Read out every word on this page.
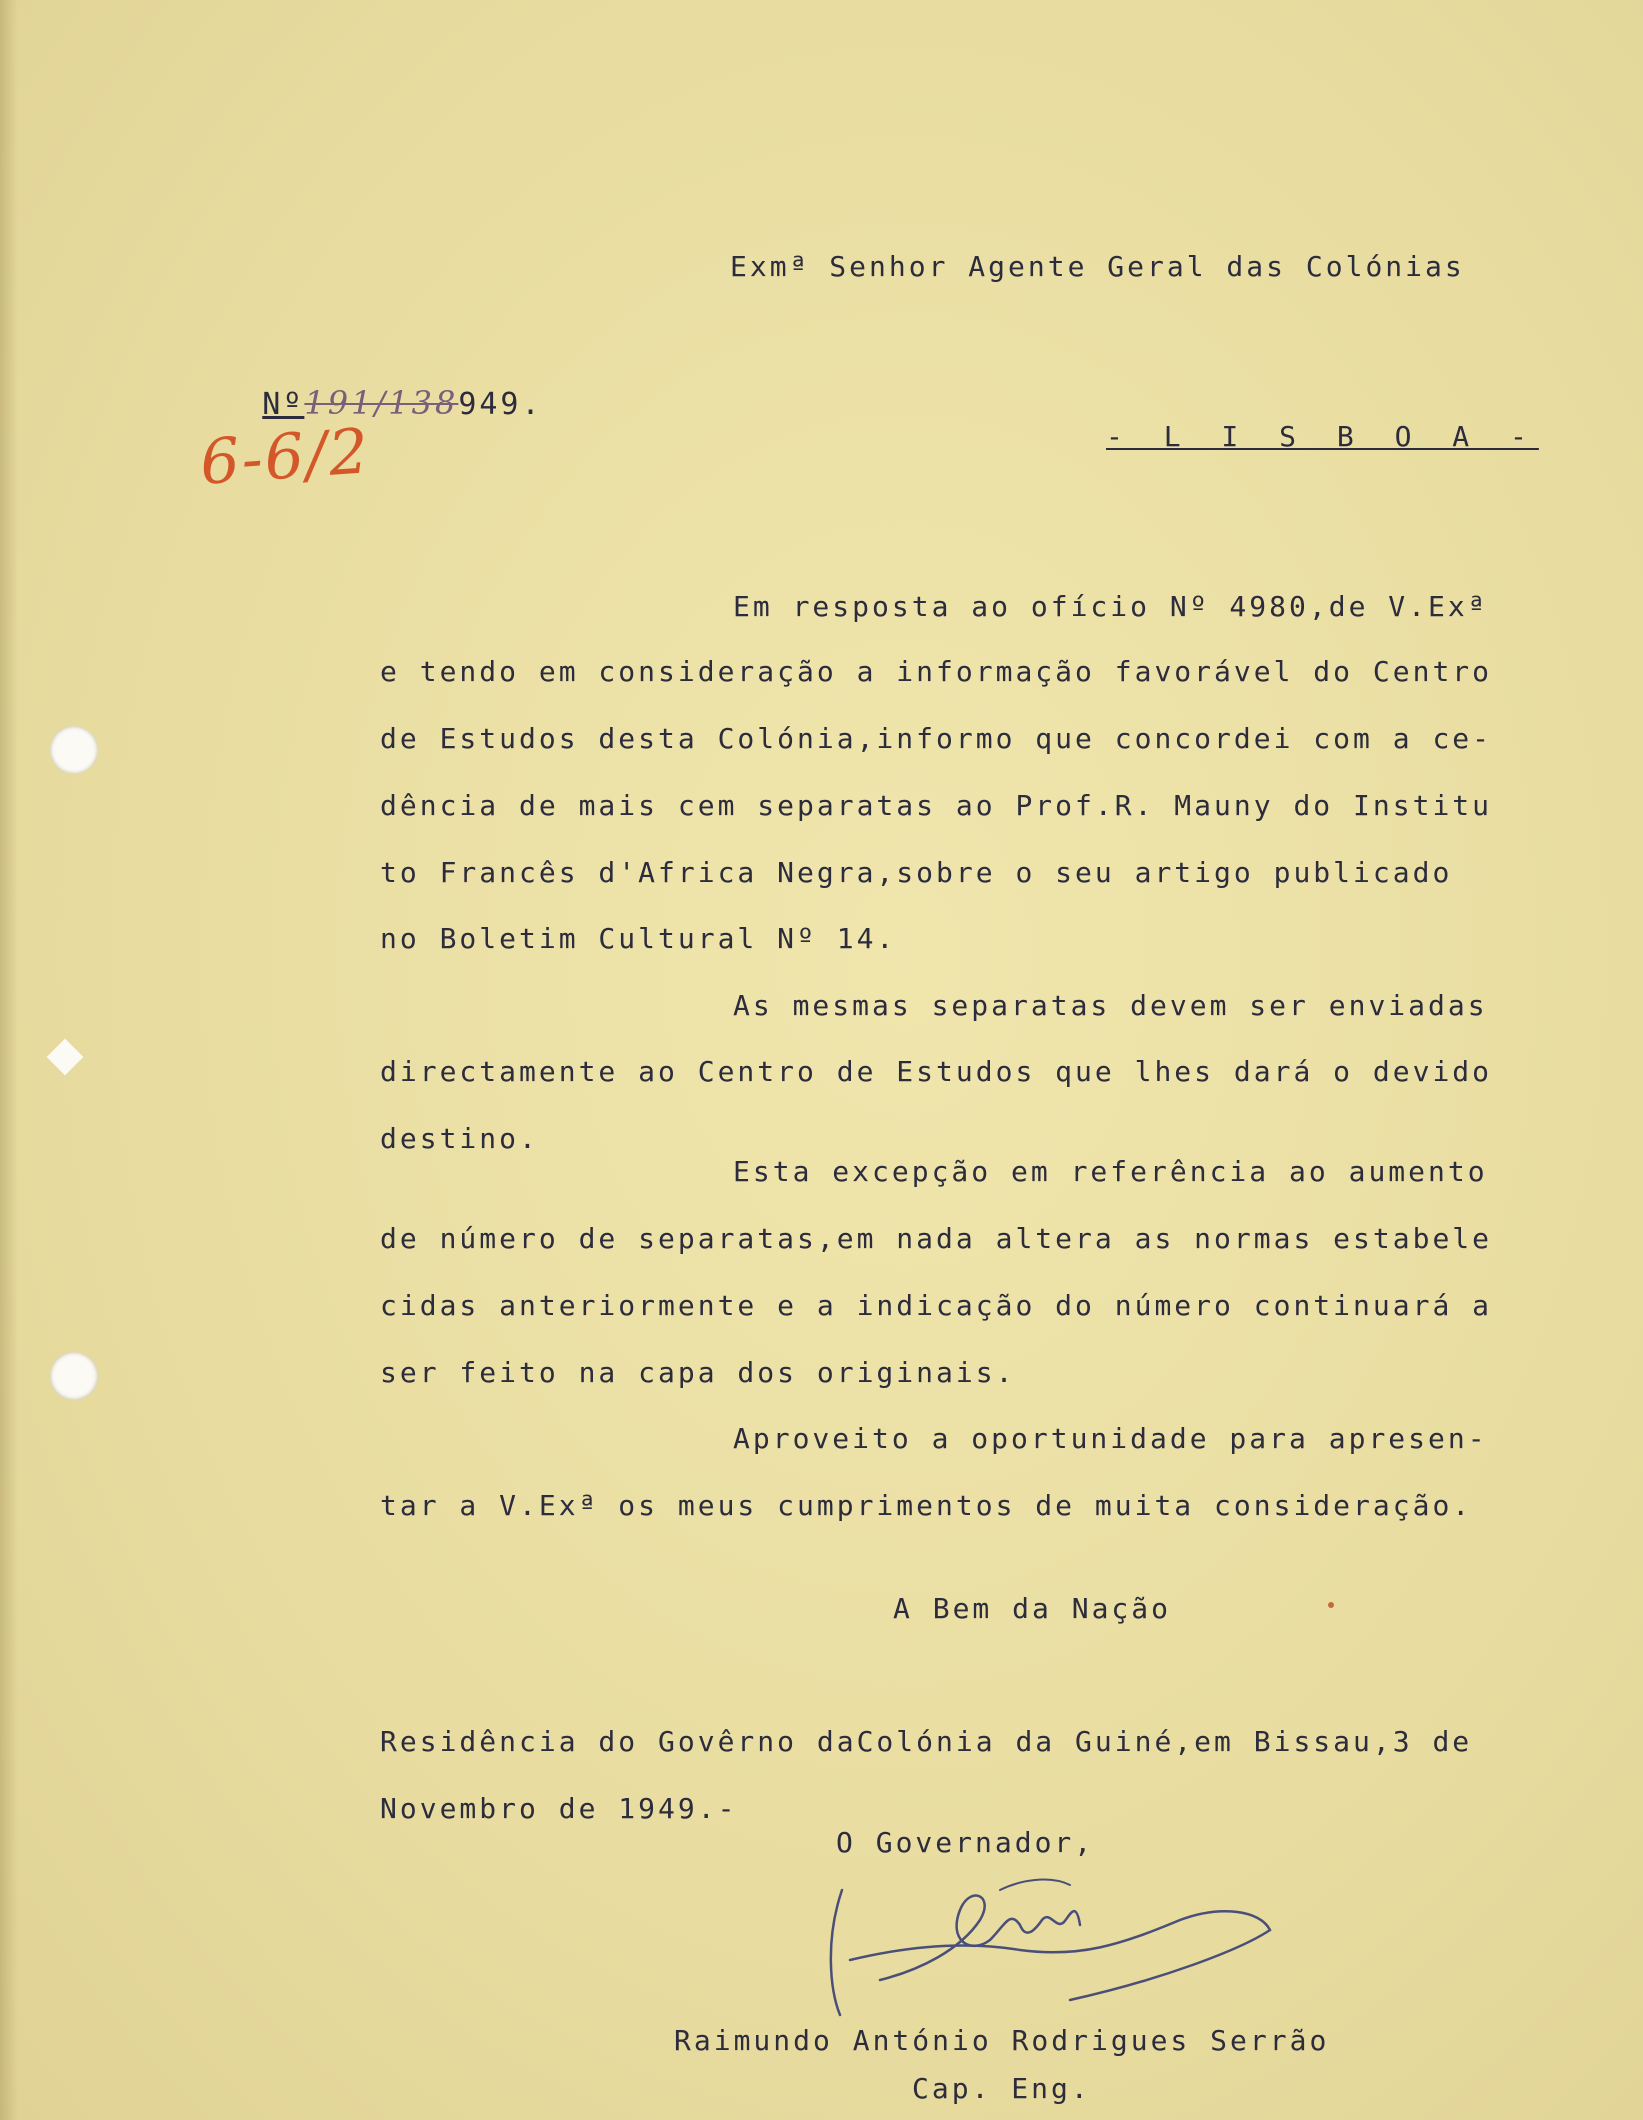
Exmª Senhor Agente Geral das Colónias

Nº191/138949.

6-6/2	- L I S B O A -
Em resposta ao ofício Nº 4980,de V.Exª
e tendo em consideração a informação favorável do Centro
de Estudos desta Colónia,informo que concordei com a ce-
dência de mais cem separatas ao Prof.R. Mauny do Institu
to Francês d'Africa Negra,sobre o seu artigo publicado
no Boletim Cultural Nº 14.
As mesmas separatas devem ser enviadas
directamente ao Centro de Estudos que lhes dará o devido
destino.
Esta excepção em referência ao aumento
de número de separatas,em nada altera as normas estabele
cidas anteriormente e a indicação do número continuará a
ser feito na capa dos originais.
Aproveito a oportunidade para apresen-
tar a V.Exª os meus cumprimentos de muita consideração.
A Bem da Nação
Residência do Govêrno daColónia da Guiné,em Bissau,3 de
Novembro de 1949.-
O Governador,
Raimundo António Rodrigues Serrão
Cap. Eng.
